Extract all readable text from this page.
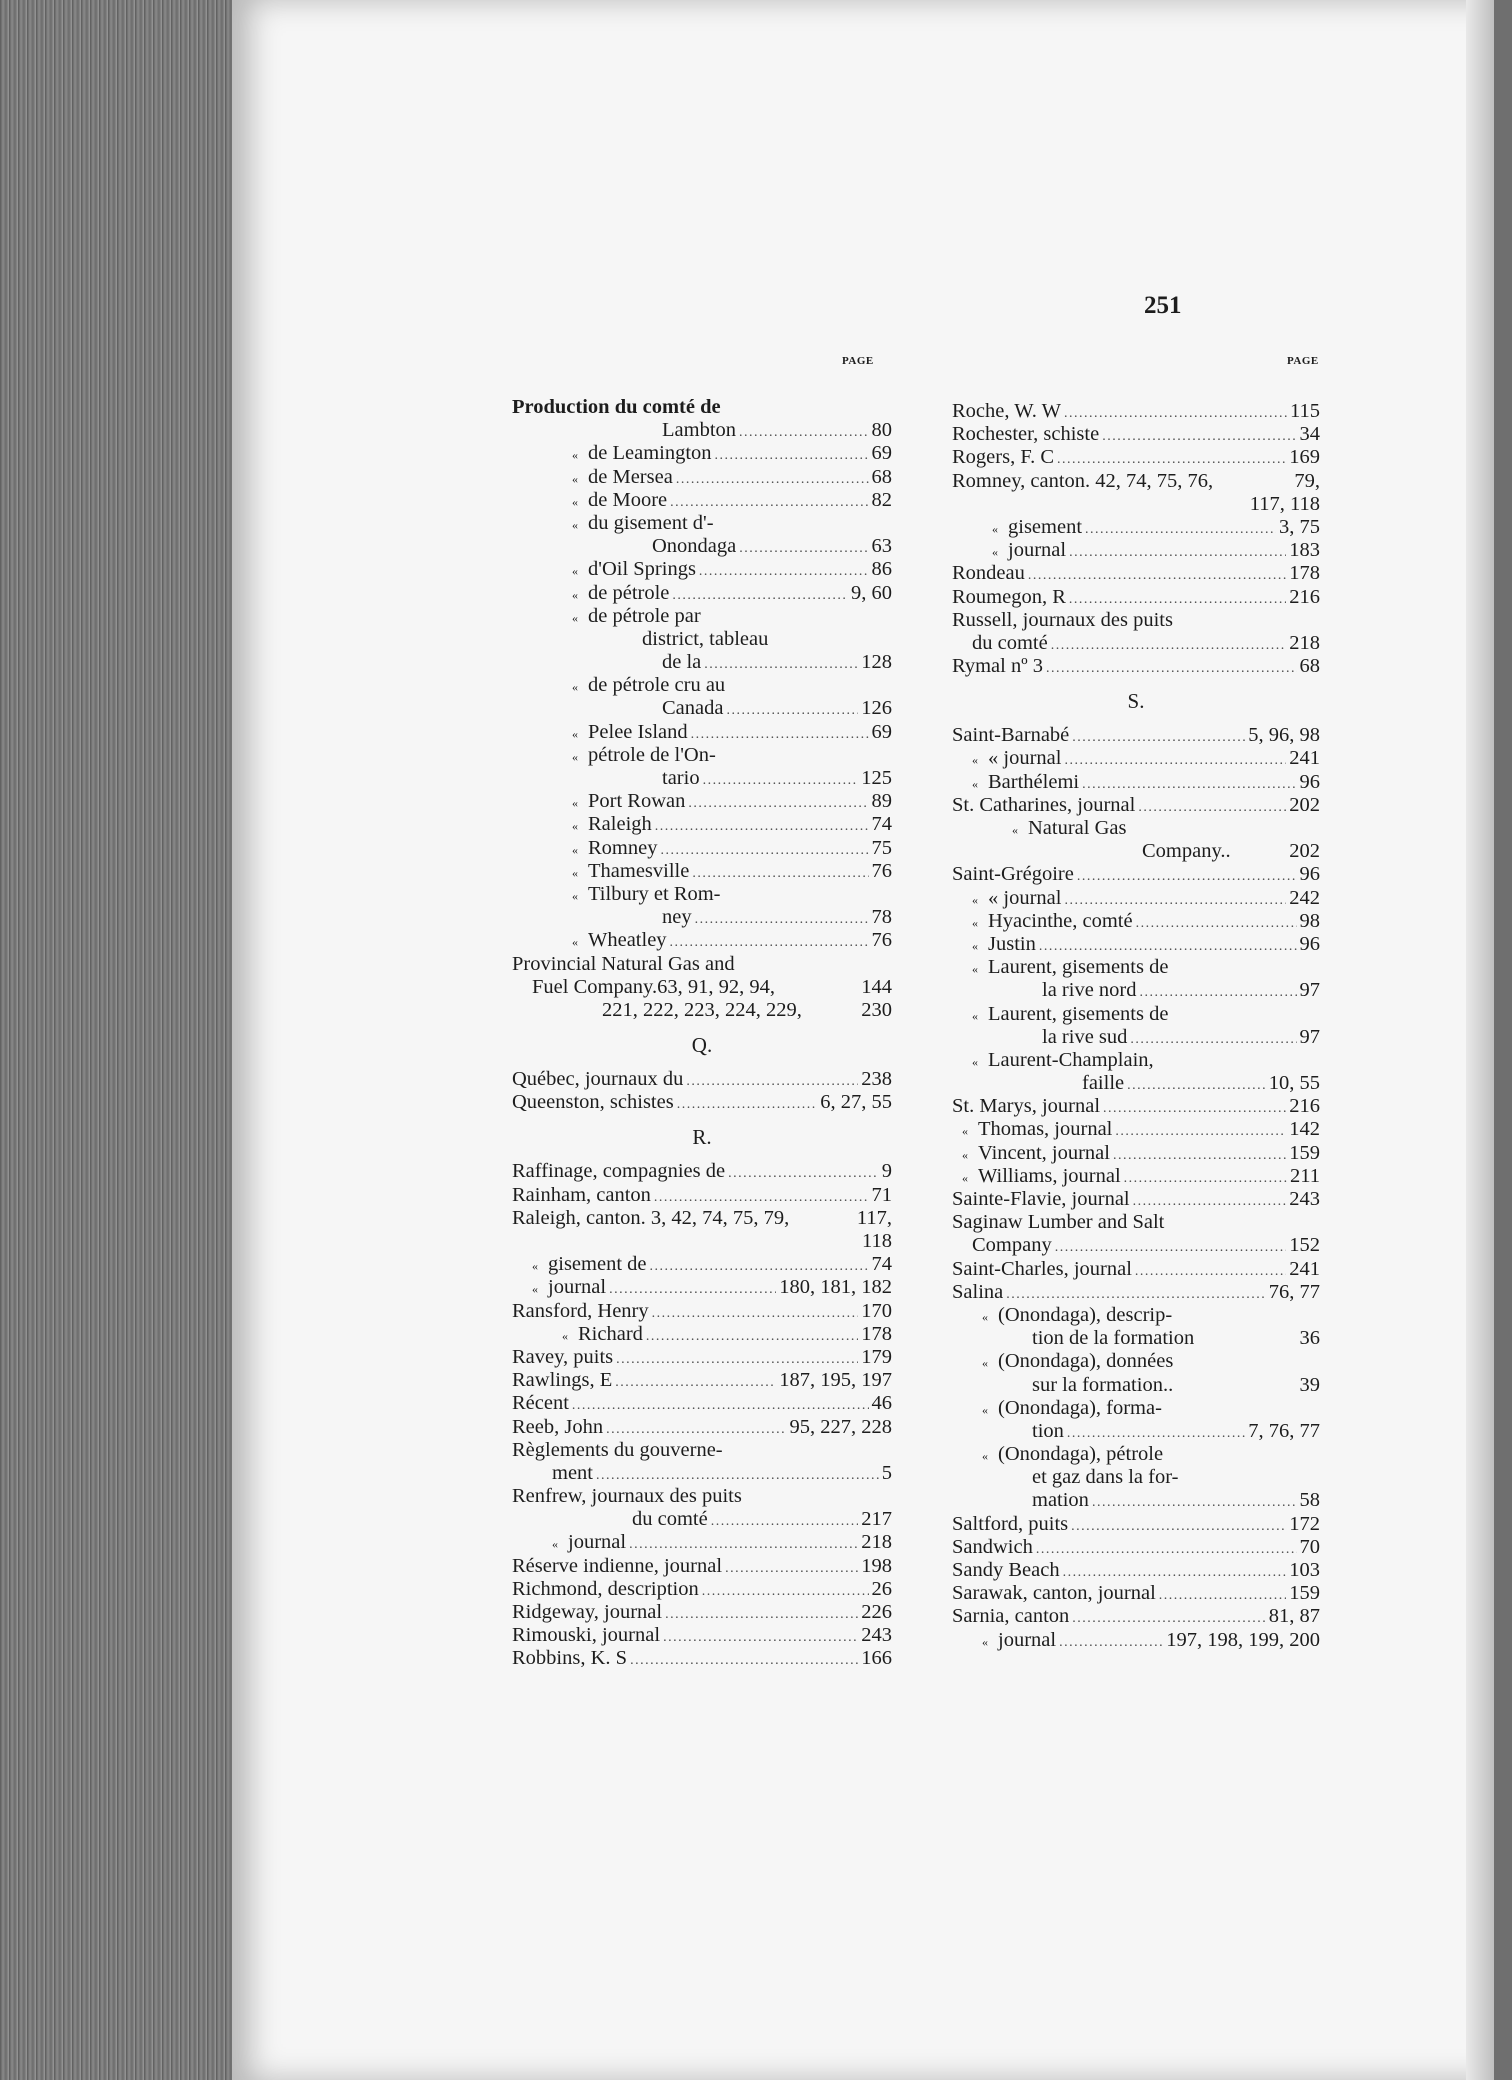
251
PAGE	PAGE
Production du comté de
Lambton . . .	80
« de Leamington . . .	69
« de Mersea . . .	68
« de Moore . . .	82
« du gisement d'-
Onondaga . . .	63
« d'Oil Springs . . .	86
« de pétrole . . .	9, 60
« de pétrole par
district, tableau
de la . . .	128
« de pétrole cru au
Canada . . .	126
« Pelee Island . . .	69
« pétrole de l'On-
tario . . .	125
« Port Rowan . . .	89
« Raleigh . . .	74
« Romney . . .	75
« Thamesville . . .	76
« Tilbury et Rom-
ney . . .	78
« Wheatley . . .	76
Provincial Natural Gas and
Fuel Company.63, 91, 92, 94,	144
221, 222, 223, 224, 229,	230
Q.
Québec, journaux du . . .	238
Queenston, schistes . . .	6, 27, 55
R.
Raffinage, compagnies de . . .	9
Rainham, canton . . .	71
Raleigh, canton. 3, 42, 74, 75, 79,	117,
118
« gisement de . . .	74
« journal . . .	180, 181, 182
Ransford, Henry . . .	170
« Richard . . .	178
Ravey, puits . . .	179
Rawlings, E . . .	187, 195, 197
Récent . . .	46
Reeb, John . . .	95, 227, 228
Règlements du gouverne-
ment . . .	5
Renfrew, journaux des puits
du comté . . .	217
« journal . . .	218
Réserve indienne, journal . . .	198
Richmond, description . . .	26
Ridgeway, journal . . .	226
Rimouski, journal . . .	243
Robbins, K. S . . .	166
Roche, W. W . . .	115
Rochester, schiste . . .	34
Rogers, F. C . . .	169
Romney, canton. 42, 74, 75, 76,	79,
117, 118
« gisement . . .	3, 75
« journal . . .	183
Rondeau . . .	178
Roumegon, R . . .	216
Russell, journaux des puits
du comté . . .	218
Rymal nº 3 . . .	68
S.
Saint-Barnabé . . .	5, 96, 98
« « journal . . .	241
« Barthélemi . . .	96
St. Catharines, journal . . .	202
« Natural Gas
Company..	202
Saint-Grégoire . . .	96
« « journal . . .	242
« Hyacinthe, comté . . .	98
« Justin . . .	96
« Laurent, gisements de
la rive nord . . .	97
« Laurent, gisements de
la rive sud . . .	97
« Laurent-Champlain,
faille . . .	10, 55
St. Marys, journal . . .	216
« Thomas, journal . . .	142
« Vincent, journal . . .	159
« Williams, journal . . .	211
Sainte-Flavie, journal . . .	243
Saginaw Lumber and Salt
Company . . .	152
Saint-Charles, journal . . .	241
Salina . . .	76, 77
« (Onondaga), descrip-
tion de la formation	36
« (Onondaga), données
sur la formation..	39
« (Onondaga), forma-
tion . . .	7, 76, 77
« (Onondaga), pétrole
et gaz dans la for-
mation . . .	58
Saltford, puits . . .	172
Sandwich . . .	70
Sandy Beach . . .	103
Sarawak, canton, journal . . .	159
Sarnia, canton . . .	81, 87
« journal . . .	197, 198, 199, 200
